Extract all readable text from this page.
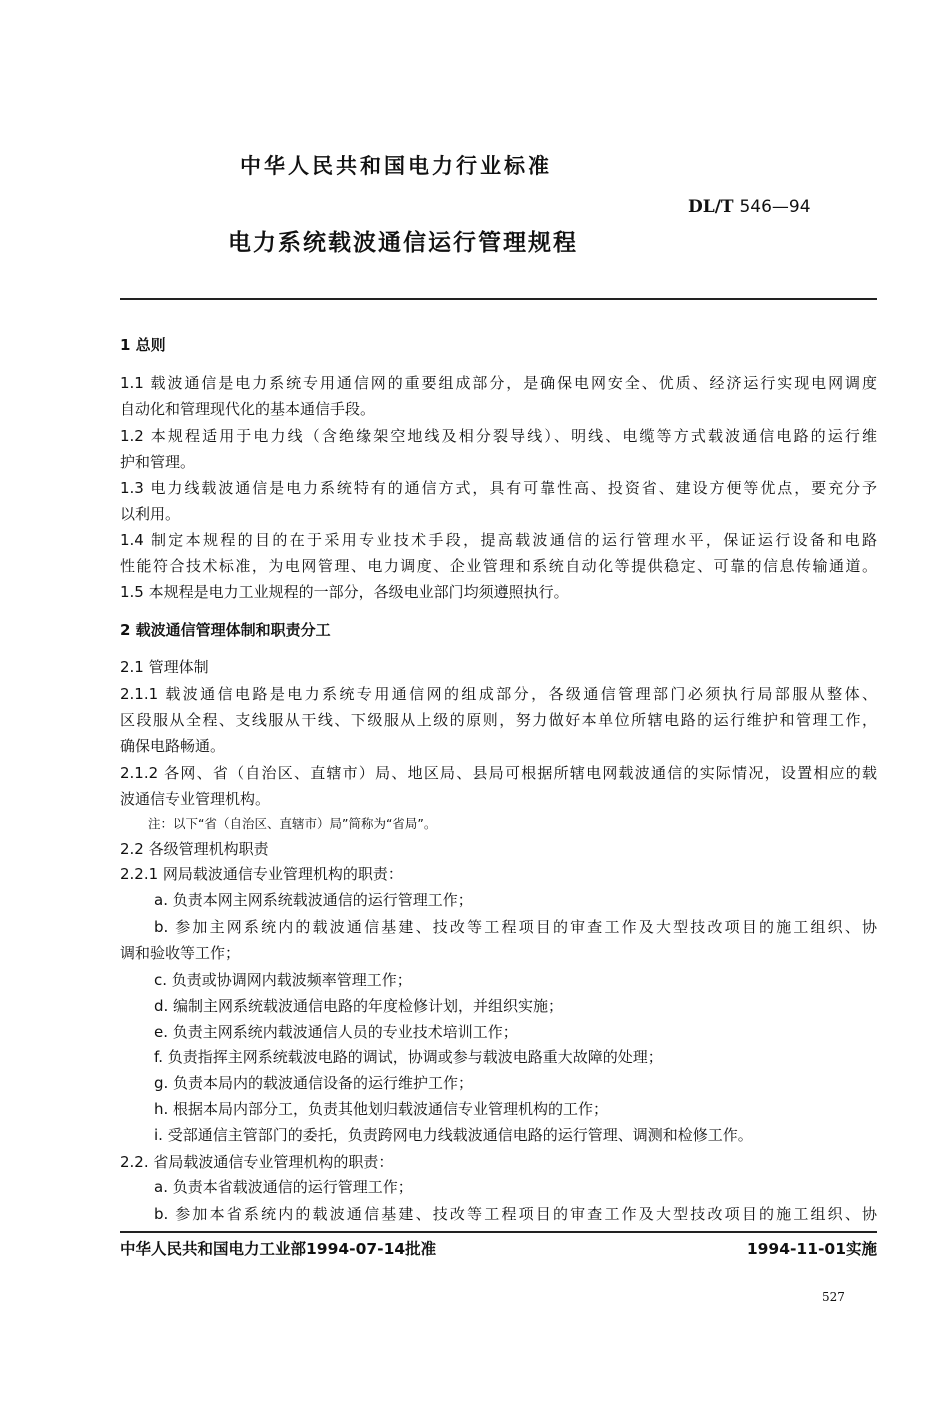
中华人民共和国电力行业标准
DL/T 546—94
电力系统载波通信运行管理规程
1 总则
1.1 载波通信是电力系统专用通信网的重要组成部分，是确保电网安全、优质、经济运行实现电网调度
自动化和管理现代化的基本通信手段。
1.2 本规程适用于电力线（含绝缘架空地线及相分裂导线）、明线、电缆等方式载波通信电路的运行维
护和管理。
1.3 电力线载波通信是电力系统特有的通信方式，具有可靠性高、投资省、建设方便等优点，要充分予
以利用。
1.4 制定本规程的目的在于采用专业技术手段，提高载波通信的运行管理水平，保证运行设备和电路
性能符合技术标准，为电网管理、电力调度、企业管理和系统自动化等提供稳定、可靠的信息传输通道。
1.5 本规程是电力工业规程的一部分，各级电业部门均须遵照执行。
2 载波通信管理体制和职责分工
2.1 管理体制
2.1.1 载波通信电路是电力系统专用通信网的组成部分，各级通信管理部门必须执行局部服从整体、
区段服从全程、支线服从干线、下级服从上级的原则，努力做好本单位所辖电路的运行维护和管理工作，
确保电路畅通。
2.1.2 各网、省（自治区、直辖市）局、地区局、县局可根据所辖电网载波通信的实际情况，设置相应的载
波通信专业管理机构。
注：以下“省（自治区、直辖市）局”简称为“省局”。
2.2 各级管理机构职责
2.2.1 网局载波通信专业管理机构的职责：
a. 负责本网主网系统载波通信的运行管理工作；
b. 参加主网系统内的载波通信基建、技改等工程项目的审查工作及大型技改项目的施工组织、协
调和验收等工作；
c. 负责或协调网内载波频率管理工作；
d. 编制主网系统载波通信电路的年度检修计划，并组织实施；
e. 负责主网系统内载波通信人员的专业技术培训工作；
f. 负责指挥主网系统载波电路的调试，协调或参与载波电路重大故障的处理；
g. 负责本局内的载波通信设备的运行维护工作；
h. 根据本局内部分工，负责其他划归载波通信专业管理机构的工作；
i. 受部通信主管部门的委托，负责跨网电力线载波通信电路的运行管理、调测和检修工作。
2.2. 省局载波通信专业管理机构的职责：
a. 负责本省载波通信的运行管理工作；
b. 参加本省系统内的载波通信基建、技改等工程项目的审查工作及大型技改项目的施工组织、协
中华人民共和国电力工业部1994-07-14批准	1994-11-01实施
527
